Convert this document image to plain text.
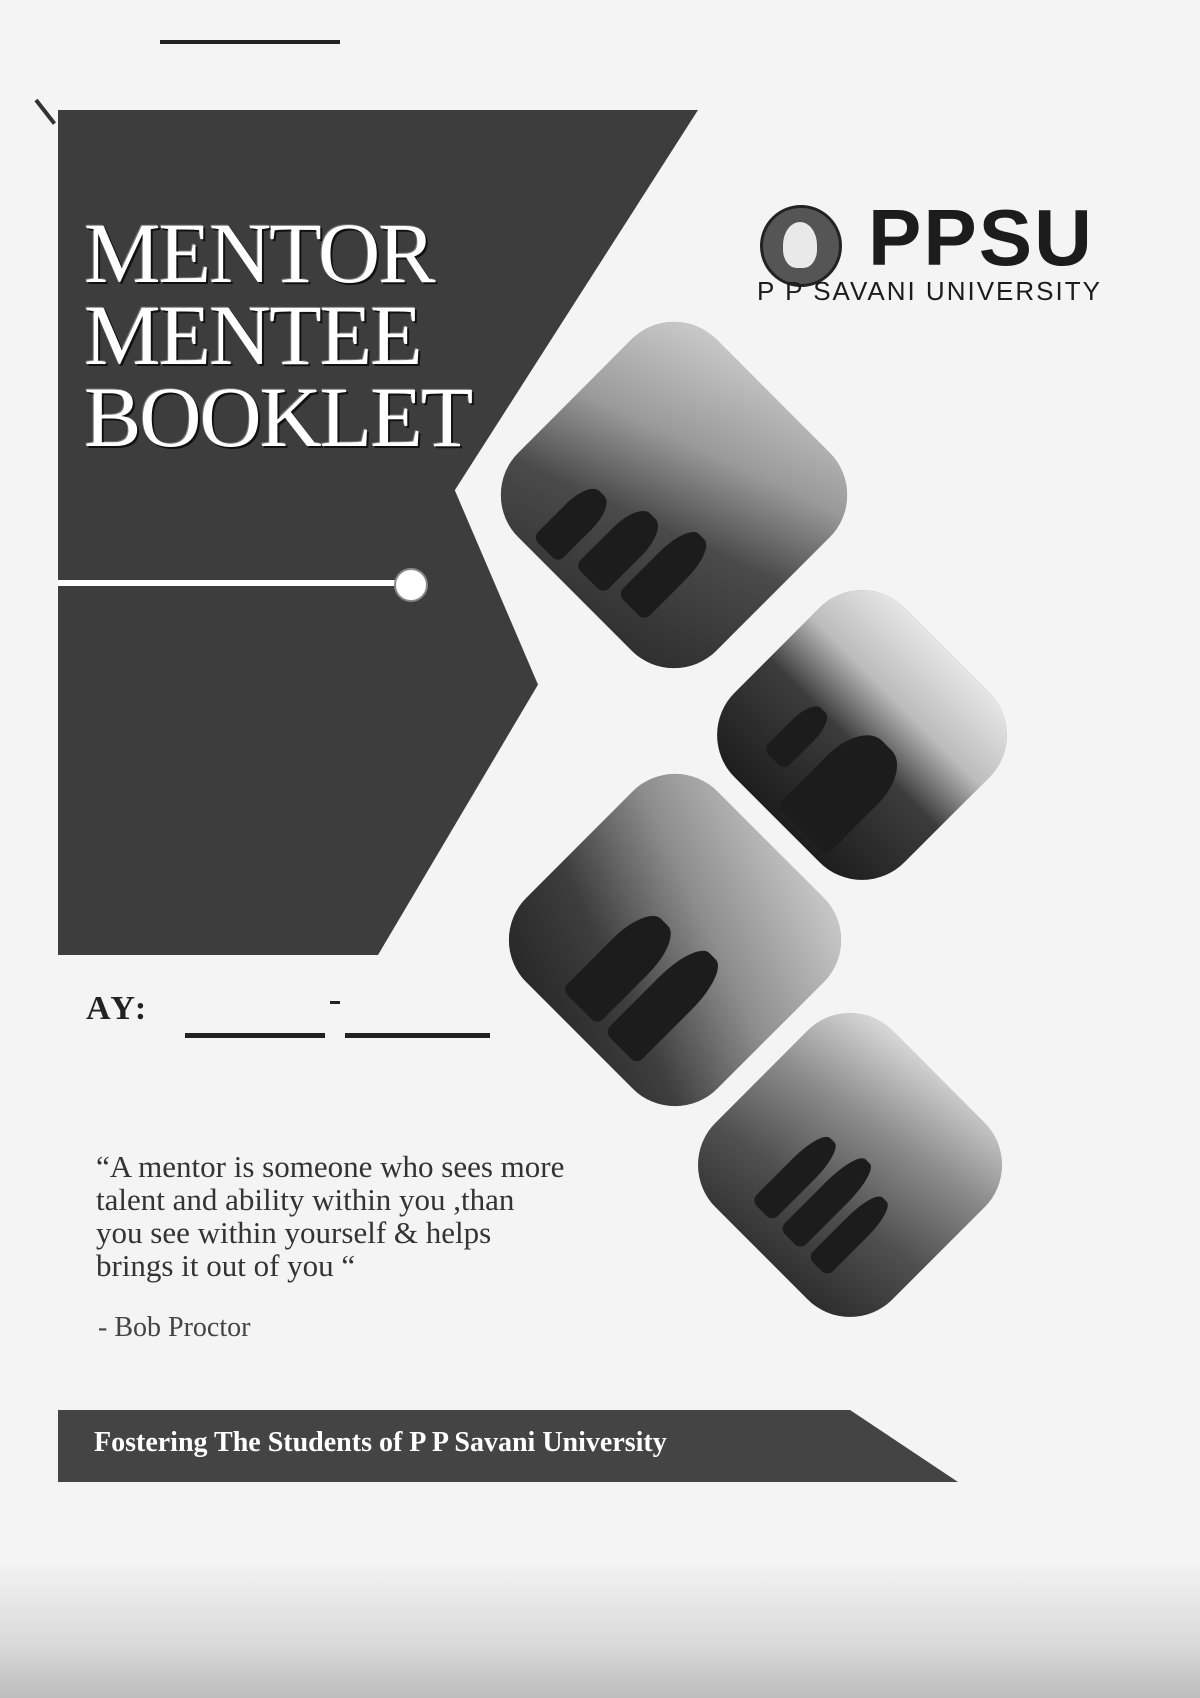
MENTOR
MENTEE
BOOKLET

PPSU

P P SAVANI UNIVERSITY

AY:

“A mentor is someone who sees more talent and ability within you ,than you see within yourself & helps brings it out of you “

- Bob Proctor

Fostering The Students of P P Savani University
